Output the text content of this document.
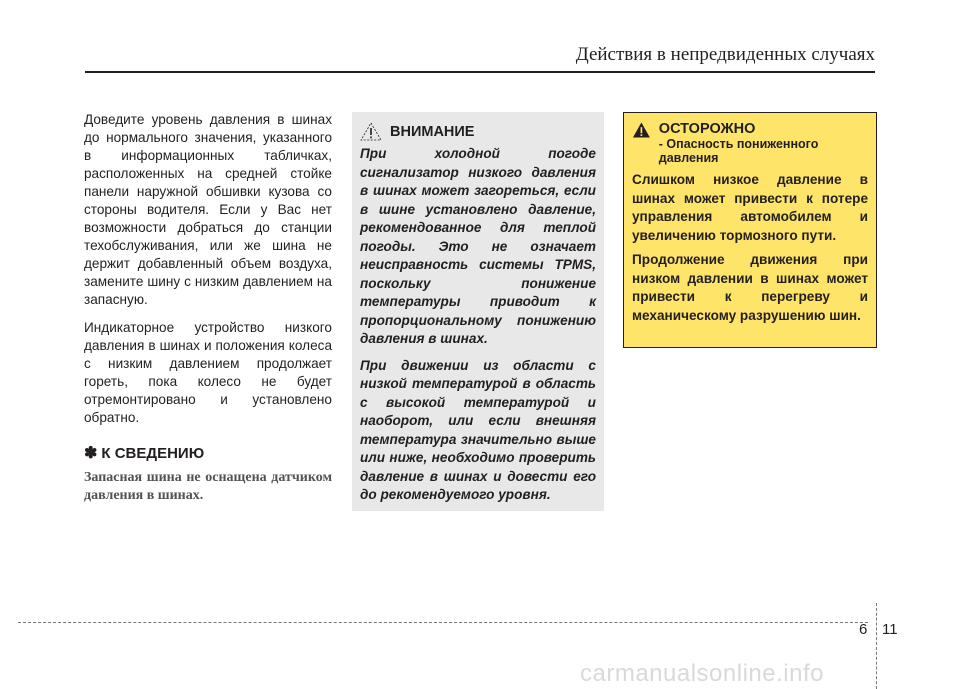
Действия в непредвиденных случаях

Доведите уровень давления в шинах до нормального значения, указанного в информационных табличках, расположенных на средней стойке панели наружной обшивки кузова со стороны водителя. Если у Вас нет возможности добраться до станции техобслуживания, или же шина не держит добавленный объем воздуха, замените шину с низким давлением на запасную.

Индикаторное устройство низкого давления в шинах и положения колеса с низким давлением продолжает гореть, пока колесо не будет отремонтировано и установлено обратно.

✽ К СВЕДЕНИЮ
Запасная шина не оснащена датчиком давления в шинах.
ВНИМАНИЕ

При холодной погоде сигнализатор низкого давления в шинах может загореться, если в шине установлено давление, рекомендованное для теплой погоды. Это не означает неисправность системы TPMS, поскольку понижение температуры приводит к пропорциональному понижению давления в шинах.

При движении из области с низкой температурой в область с высокой температурой и наоборот, или если внешняя температура значительно выше или ниже, необходимо проверить давление в шинах и довести его до рекомендуемого уровня.

ОСТОРОЖНО
- Опасность пониженного давления

Слишком низкое давление в шинах может привести к потере управления автомобилем и увеличению тормозного пути.

Продолжение движения при низком давлении в шинах может привести к перегреву и механическому разрушению шин.

6 11
carmanualsonline.info
